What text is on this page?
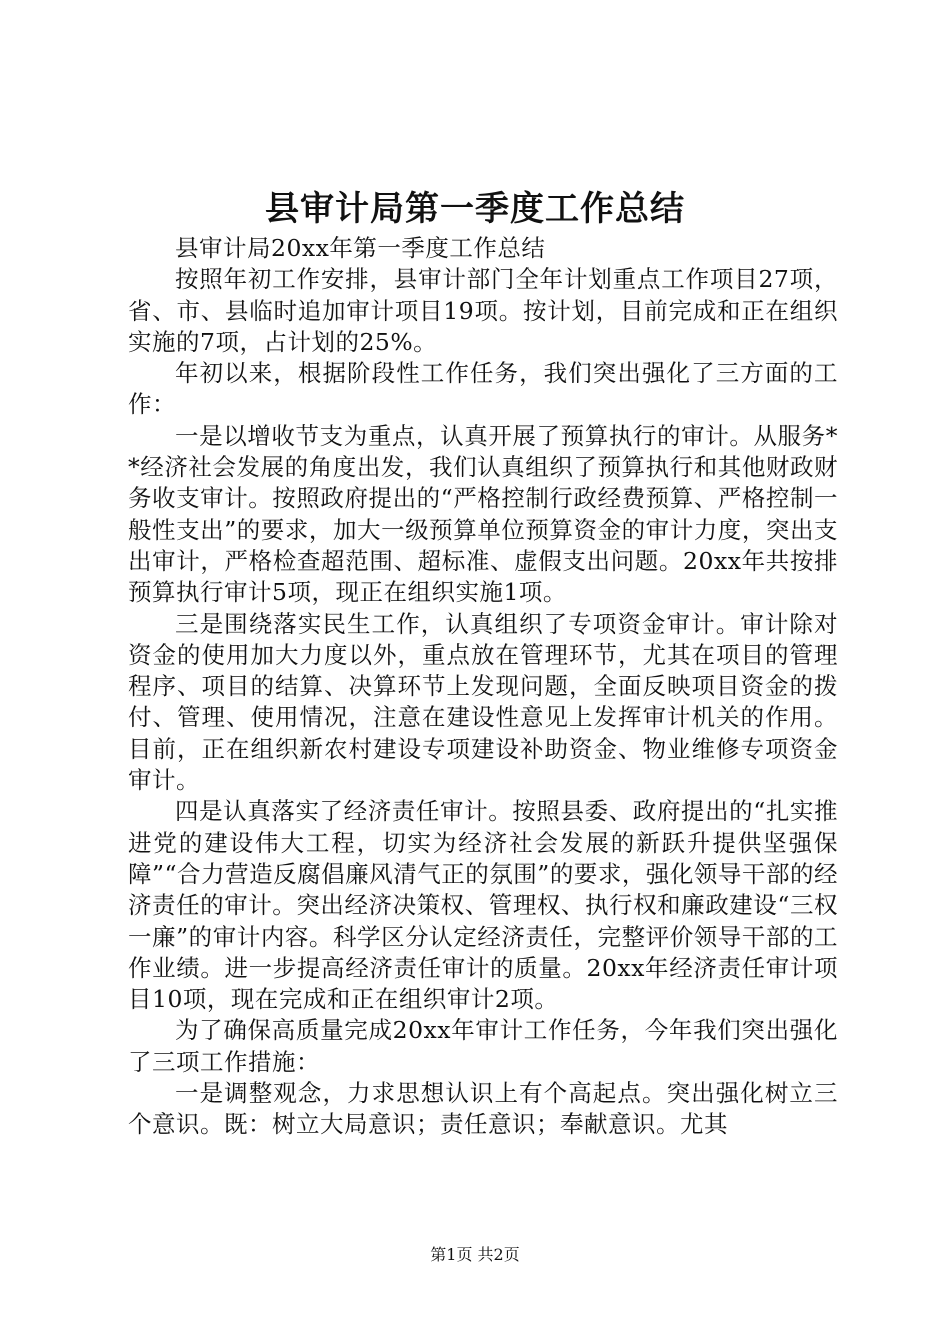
县审计局第一季度工作总结

县审计局20xx年第一季度工作总结

按照年初工作安排，县审计部门全年计划重点工作项目27项，省、市、县临时追加审计项目19项。按计划，目前完成和正在组织实施的7项，占计划的25%。

年初以来，根据阶段性工作任务，我们突出强化了三方面的工作：

一是以增收节支为重点，认真开展了预算执行的审计。从服务**经济社会发展的角度出发，我们认真组织了预算执行和其他财政财务收支审计。按照政府提出的“严格控制行政经费预算、严格控制一般性支出”的要求，加大一级预算单位预算资金的审计力度，突出支出审计，严格检查超范围、超标准、虚假支出问题。20xx年共按排预算执行审计5项，现正在组织实施1项。

三是围绕落实民生工作，认真组织了专项资金审计。审计除对资金的使用加大力度以外，重点放在管理环节，尤其在项目的管理程序、项目的结算、决算环节上发现问题，全面反映项目资金的拨付、管理、使用情况，注意在建设性意见上发挥审计机关的作用。目前，正在组织新农村建设专项建设补助资金、物业维修专项资金审计。

四是认真落实了经济责任审计。按照县委、政府提出的“扎实推进党的建设伟大工程，切实为经济社会发展的新跃升提供坚强保障”“合力营造反腐倡廉风清气正的氛围”的要求，强化领导干部的经济责任的审计。突出经济决策权、管理权、执行权和廉政建设“三权一廉”的审计内容。科学区分认定经济责任，完整评价领导干部的工作业绩。进一步提高经济责任审计的质量。20xx年经济责任审计项目10项，现在完成和正在组织审计2项。

为了确保高质量完成20xx年审计工作任务，今年我们突出强化了三项工作措施：

一是调整观念，力求思想认识上有个高起点。突出强化树立三个意识。既：树立大局意识；责任意识；奉献意识。尤其

第1页 共2页
